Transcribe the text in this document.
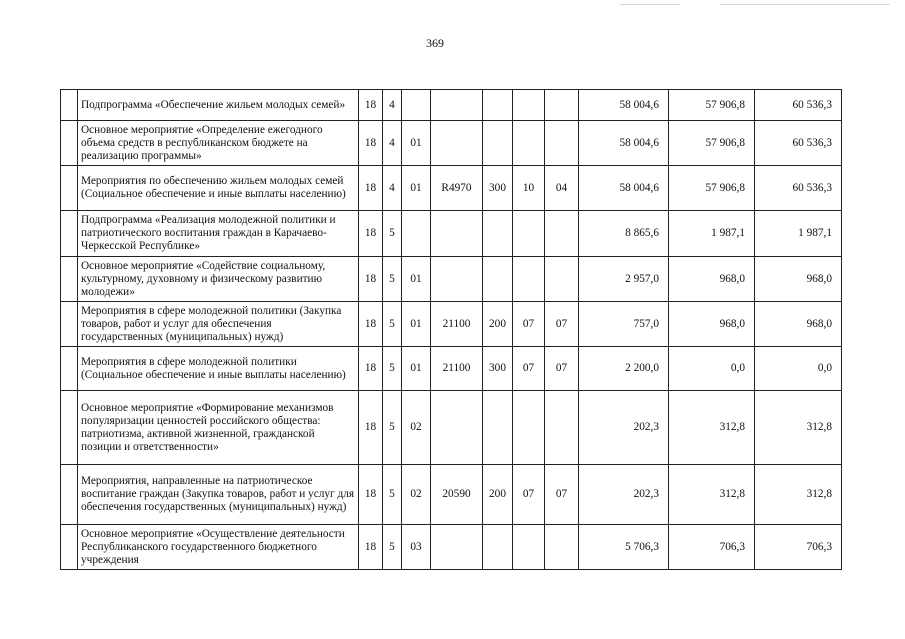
369
	Подпрограмма «Обеспечение жильем молодых семей»	18	4						58 004,6	57 906,8	60 536,3
	Основное мероприятие «Определение ежегодного объема средств в республиканском бюджете на реализацию программы»	18	4	01					58 004,6	57 906,8	60 536,3
	Мероприятия по обеспечению жильем молодых семей (Социальное обеспечение и иные выплаты населению)	18	4	01	R4970	300	10	04	58 004,6	57 906,8	60 536,3
	Подпрограмма «Реализация молодежной политики и патриотического воспитания граждан в Карачаево-Черкесской Республике»	18	5						8 865,6	1 987,1	1 987,1
	Основное мероприятие «Содействие социальному, культурному, духовному и физическому развитию молодежи»	18	5	01					2 957,0	968,0	968,0
	Мероприятия в сфере молодежной политики (Закупка товаров, работ и услуг для обеспечения государственных (муниципальных) нужд)	18	5	01	21100	200	07	07	757,0	968,0	968,0
	Мероприятия в сфере молодежной политики (Социальное обеспечение и иные выплаты населению)	18	5	01	21100	300	07	07	2 200,0	0,0	0,0
	Основное мероприятие «Формирование механизмов популяризации ценностей российского общества: патриотизма, активной жизненной, гражданской позиции и ответственности»	18	5	02					202,3	312,8	312,8
	Мероприятия, направленные на патриотическое воспитание граждан (Закупка товаров, работ и услуг для обеспечения государственных (муниципальных) нужд)	18	5	02	20590	200	07	07	202,3	312,8	312,8
	Основное мероприятие «Осуществление деятельности Республиканского государственного бюджетного учреждения	18	5	03					5 706,3	706,3	706,3
